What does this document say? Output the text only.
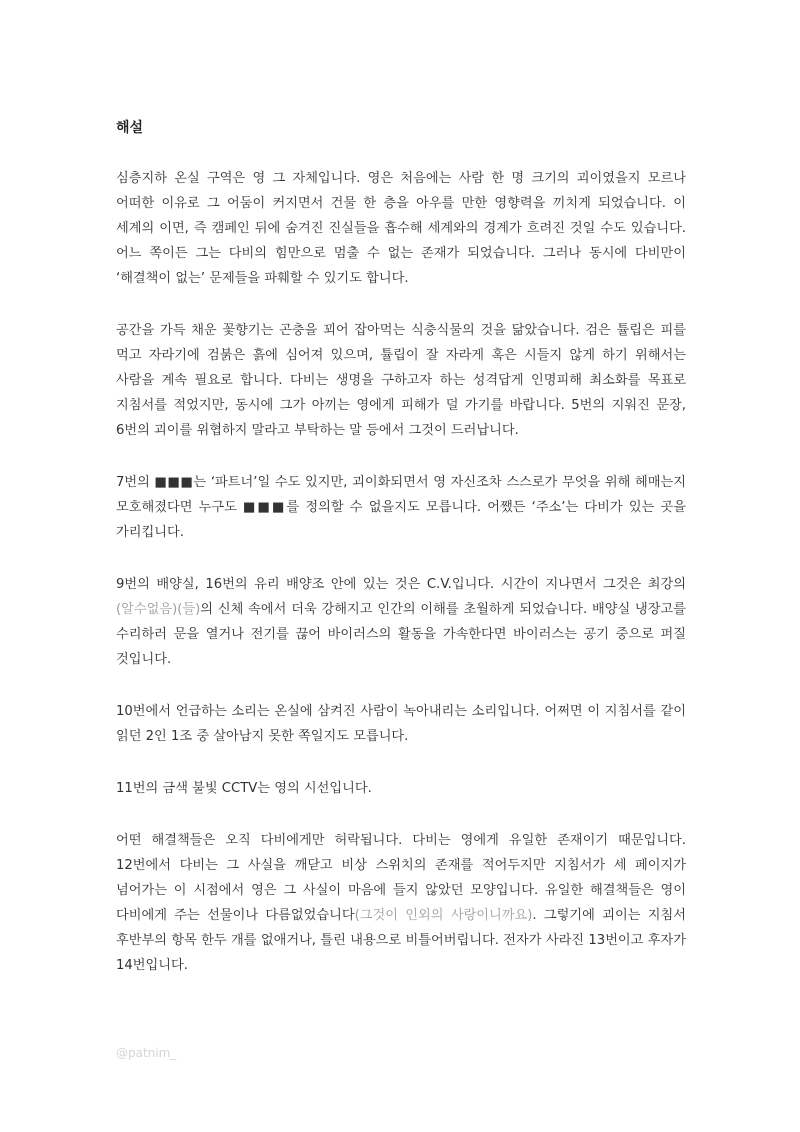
해설

심층지하 온실 구역은 영 그 자체입니다. 영은 처음에는 사람 한 명 크기의 괴이였을지 모르나 어떠한 이유로 그 어둠이 커지면서 건물 한 층을 아우를 만한 영향력을 끼치게 되었습니다. 이 세계의 이면, 즉 캠페인 뒤에 숨겨진 진실들을 흡수해 세계와의 경계가 흐려진 것일 수도 있습니다. 어느 쪽이든 그는 다비의 힘만으로 멈출 수 없는 존재가 되었습니다. 그러나 동시에 다비만이 ‘해결책이 없는’ 문제들을 파훼할 수 있기도 합니다.

공간을 가득 채운 꽃향기는 곤충을 꾀어 잡아먹는 식충식물의 것을 닮았습니다. 검은 튤립은 피를 먹고 자라기에 검붉은 흙에 심어져 있으며, 튤립이 잘 자라게 혹은 시들지 않게 하기 위해서는 사람을 계속 필요로 합니다. 다비는 생명을 구하고자 하는 성격답게 인명피해 최소화를 목표로 지침서를 적었지만, 동시에 그가 아끼는 영에게 피해가 덜 가기를 바랍니다. 5번의 지워진 문장, 6번의 괴이를 위협하지 말라고 부탁하는 말 등에서 그것이 드러납니다.

7번의 ■■■는 ‘파트너’일 수도 있지만, 괴이화되면서 영 자신조차 스스로가 무엇을 위해 헤매는지 모호해졌다면 누구도 ■■■를 정의할 수 없을지도 모릅니다. 어쨌든 ‘주소’는 다비가 있는 곳을 가리킵니다.

9번의 배양실, 16번의 유리 배양조 안에 있는 것은 C.V.입니다. 시간이 지나면서 그것은 최강의 (알수없음)(들)의 신체 속에서 더욱 강해지고 인간의 이해를 초월하게 되었습니다. 배양실 냉장고를 수리하러 문을 열거나 전기를 끊어 바이러스의 활동을 가속한다면 바이러스는 공기 중으로 퍼질 것입니다.

10번에서 언급하는 소리는 온실에 삼켜진 사람이 녹아내리는 소리입니다. 어쩌면 이 지침서를 같이 읽던 2인 1조 중 살아남지 못한 쪽일지도 모릅니다.

11번의 금색 불빛 CCTV는 영의 시선입니다.

어떤 해결책들은 오직 다비에게만 허락됩니다. 다비는 영에게 유일한 존재이기 때문입니다. 12번에서 다비는 그 사실을 깨닫고 비상 스위치의 존재를 적어두지만 지침서가 세 페이지가 넘어가는 이 시점에서 영은 그 사실이 마음에 들지 않았던 모양입니다. 유일한 해결책들은 영이 다비에게 주는 선물이나 다름없었습니다(그것이 인외의 사랑이니까요). 그렇기에 괴이는 지침서 후반부의 항목 한두 개를 없애거나, 틀린 내용으로 비틀어버립니다. 전자가 사라진 13번이고 후자가 14번입니다.

@patnim_
